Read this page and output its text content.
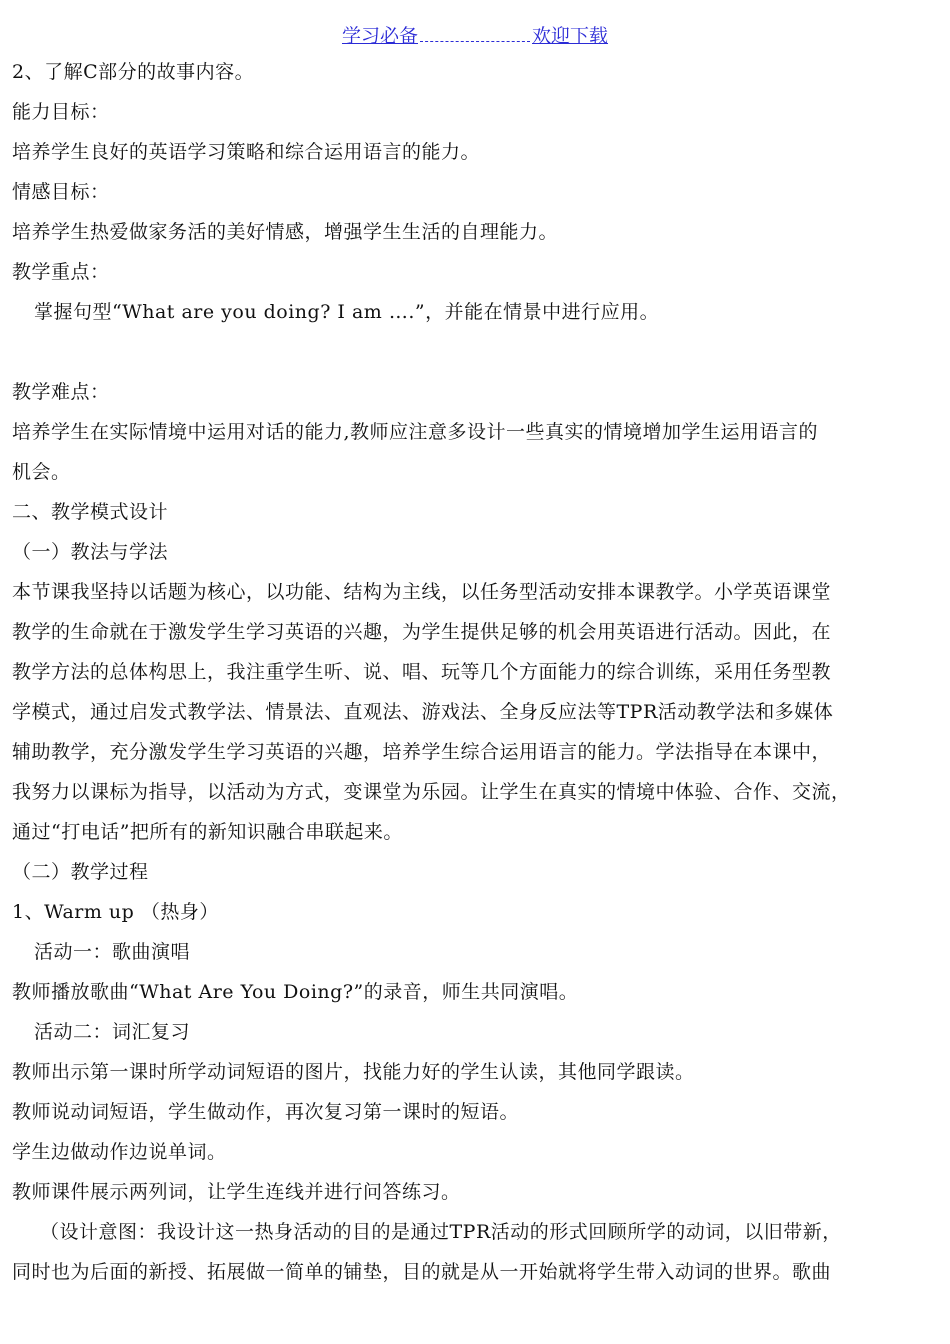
学习必备	欢迎下载
2、了解C部分的故事内容。
能力目标：
培养学生良好的英语学习策略和综合运用语言的能力。
情感目标：
培养学生热爱做家务活的美好情感，增强学生生活的自理能力。
教学重点：
掌握句型“What are you doing? I am ….”，并能在情景中进行应用。
教学难点：
培养学生在实际情境中运用对话的能力,教师应注意多设计一些真实的情境增加学生运用语言的
机会。
二、教学模式设计
（一）教法与学法
本节课我坚持以话题为核心，以功能、结构为主线，以任务型活动安排本课教学。小学英语课堂
教学的生命就在于激发学生学习英语的兴趣，为学生提供足够的机会用英语进行活动。因此，在
教学方法的总体构思上，我注重学生听、说、唱、玩等几个方面能力的综合训练，采用任务型教
学模式，通过启发式教学法、情景法、直观法、游戏法、全身反应法等TPR活动教学法和多媒体
辅助教学，充分激发学生学习英语的兴趣，培养学生综合运用语言的能力。学法指导在本课中，
我努力以课标为指导，以活动为方式，变课堂为乐园。让学生在真实的情境中体验、合作、交流，
通过“打电话”把所有的新知识融合串联起来。
（二）教学过程
1、Warm up （热身）
活动一：歌曲演唱
教师播放歌曲“What Are You Doing?”的录音，师生共同演唱。
活动二：词汇复习
教师出示第一课时所学动词短语的图片，找能力好的学生认读，其他同学跟读。
教师说动词短语，学生做动作，再次复习第一课时的短语。
学生边做动作边说单词。
教师课件展示两列词，让学生连线并进行问答练习。
（设计意图：我设计这一热身活动的目的是通过TPR活动的形式回顾所学的动词，以旧带新，
同时也为后面的新授、拓展做一简单的铺垫，目的就是从一开始就将学生带入动词的世界。歌曲
